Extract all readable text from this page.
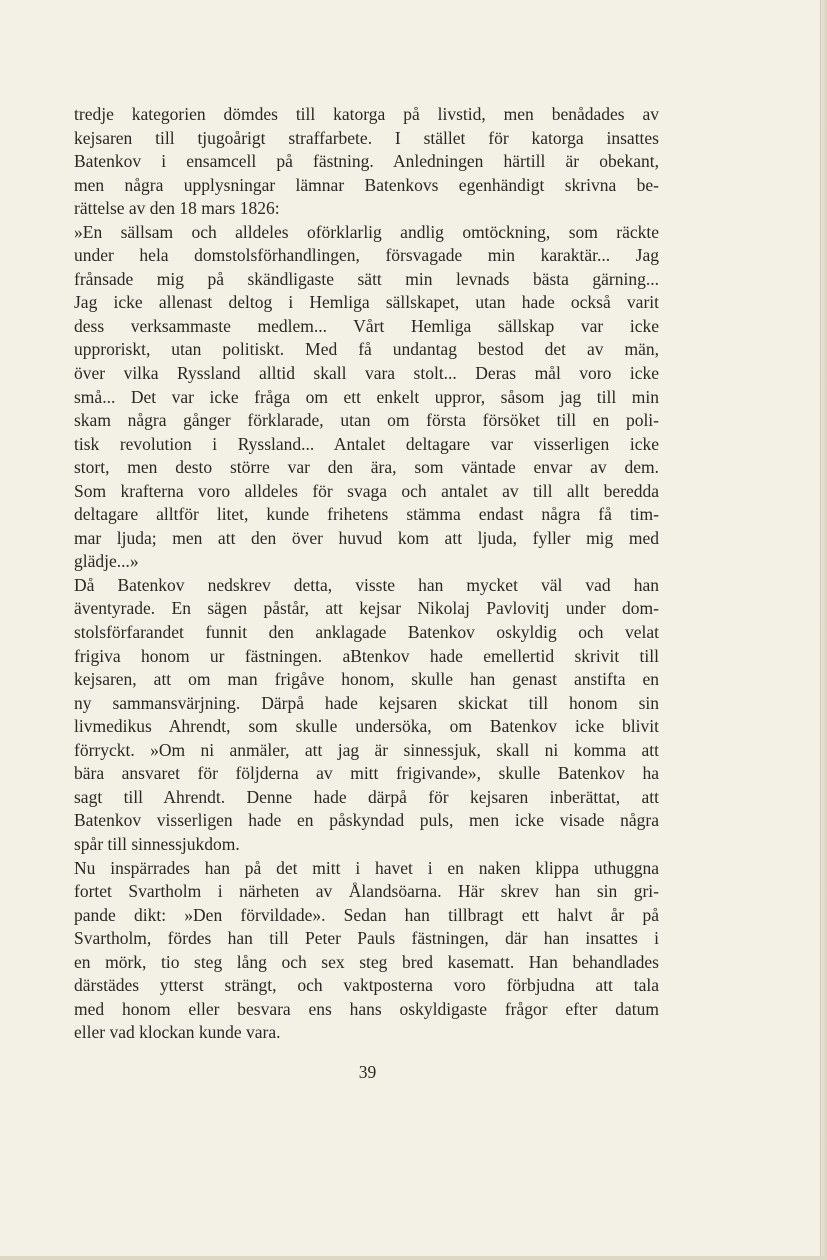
tredje kategorien dömdes till katorga på livstid, men benådades av
kejsaren till tjugoårigt straffarbete. I stället för katorga insattes
Batenkov i ensamcell på fästning. Anledningen härtill är obekant,
men några upplysningar lämnar Batenkovs egenhändigt skrivna be-
rättelse av den 18 mars 1826:
»En sällsam och alldeles oförklarlig andlig omtöckning, som räckte
under hela domstolsförhandlingen, försvagade min karaktär... Jag
frånsade mig på skändligaste sätt min levnads bästa gärning...
Jag icke allenast deltog i Hemliga sällskapet, utan hade också varit
dess verksammaste medlem... Vårt Hemliga sällskap var icke
upproriskt, utan politiskt. Med få undantag bestod det av män,
över vilka Ryssland alltid skall vara stolt... Deras mål voro icke
små... Det var icke fråga om ett enkelt uppror, såsom jag till min
skam några gånger förklarade, utan om första försöket till en poli-
tisk revolution i Ryssland... Antalet deltagare var visserligen icke
stort, men desto större var den ära, som väntade envar av dem.
Som krafterna voro alldeles för svaga och antalet av till allt beredda
deltagare alltför litet, kunde frihetens stämma endast några få tim-
mar ljuda; men att den över huvud kom att ljuda, fyller mig med
glädje...»
Då Batenkov nedskrev detta, visste han mycket väl vad han
äventyrade. En sägen påstår, att kejsar Nikolaj Pavlovitj under dom-
stolsförfarandet funnit den anklagade Batenkov oskyldig och velat
frigiva honom ur fästningen. aBtenkov hade emellertid skrivit till
kejsaren, att om man frigåve honom, skulle han genast anstifta en
ny sammansvärjning. Därpå hade kejsaren skickat till honom sin
livmedikus Ahrendt, som skulle undersöka, om Batenkov icke blivit
förryckt. »Om ni anmäler, att jag är sinnessjuk, skall ni komma att
bära ansvaret för följderna av mitt frigivande», skulle Batenkov ha
sagt till Ahrendt. Denne hade därpå för kejsaren inberättat, att
Batenkov visserligen hade en påskyndad puls, men icke visade några
spår till sinnessjukdom.
Nu inspärrades han på det mitt i havet i en naken klippa uthuggna
fortet Svartholm i närheten av Ålandsöarna. Här skrev han sin gri-
pande dikt: »Den förvildade». Sedan han tillbragt ett halvt år på
Svartholm, fördes han till Peter Pauls fästningen, där han insattes i
en mörk, tio steg lång och sex steg bred kasematt. Han behandlades
därstädes ytterst strängt, och vaktposterna voro förbjudna att tala
med honom eller besvara ens hans oskyldigaste frågor efter datum
eller vad klockan kunde vara.
39
